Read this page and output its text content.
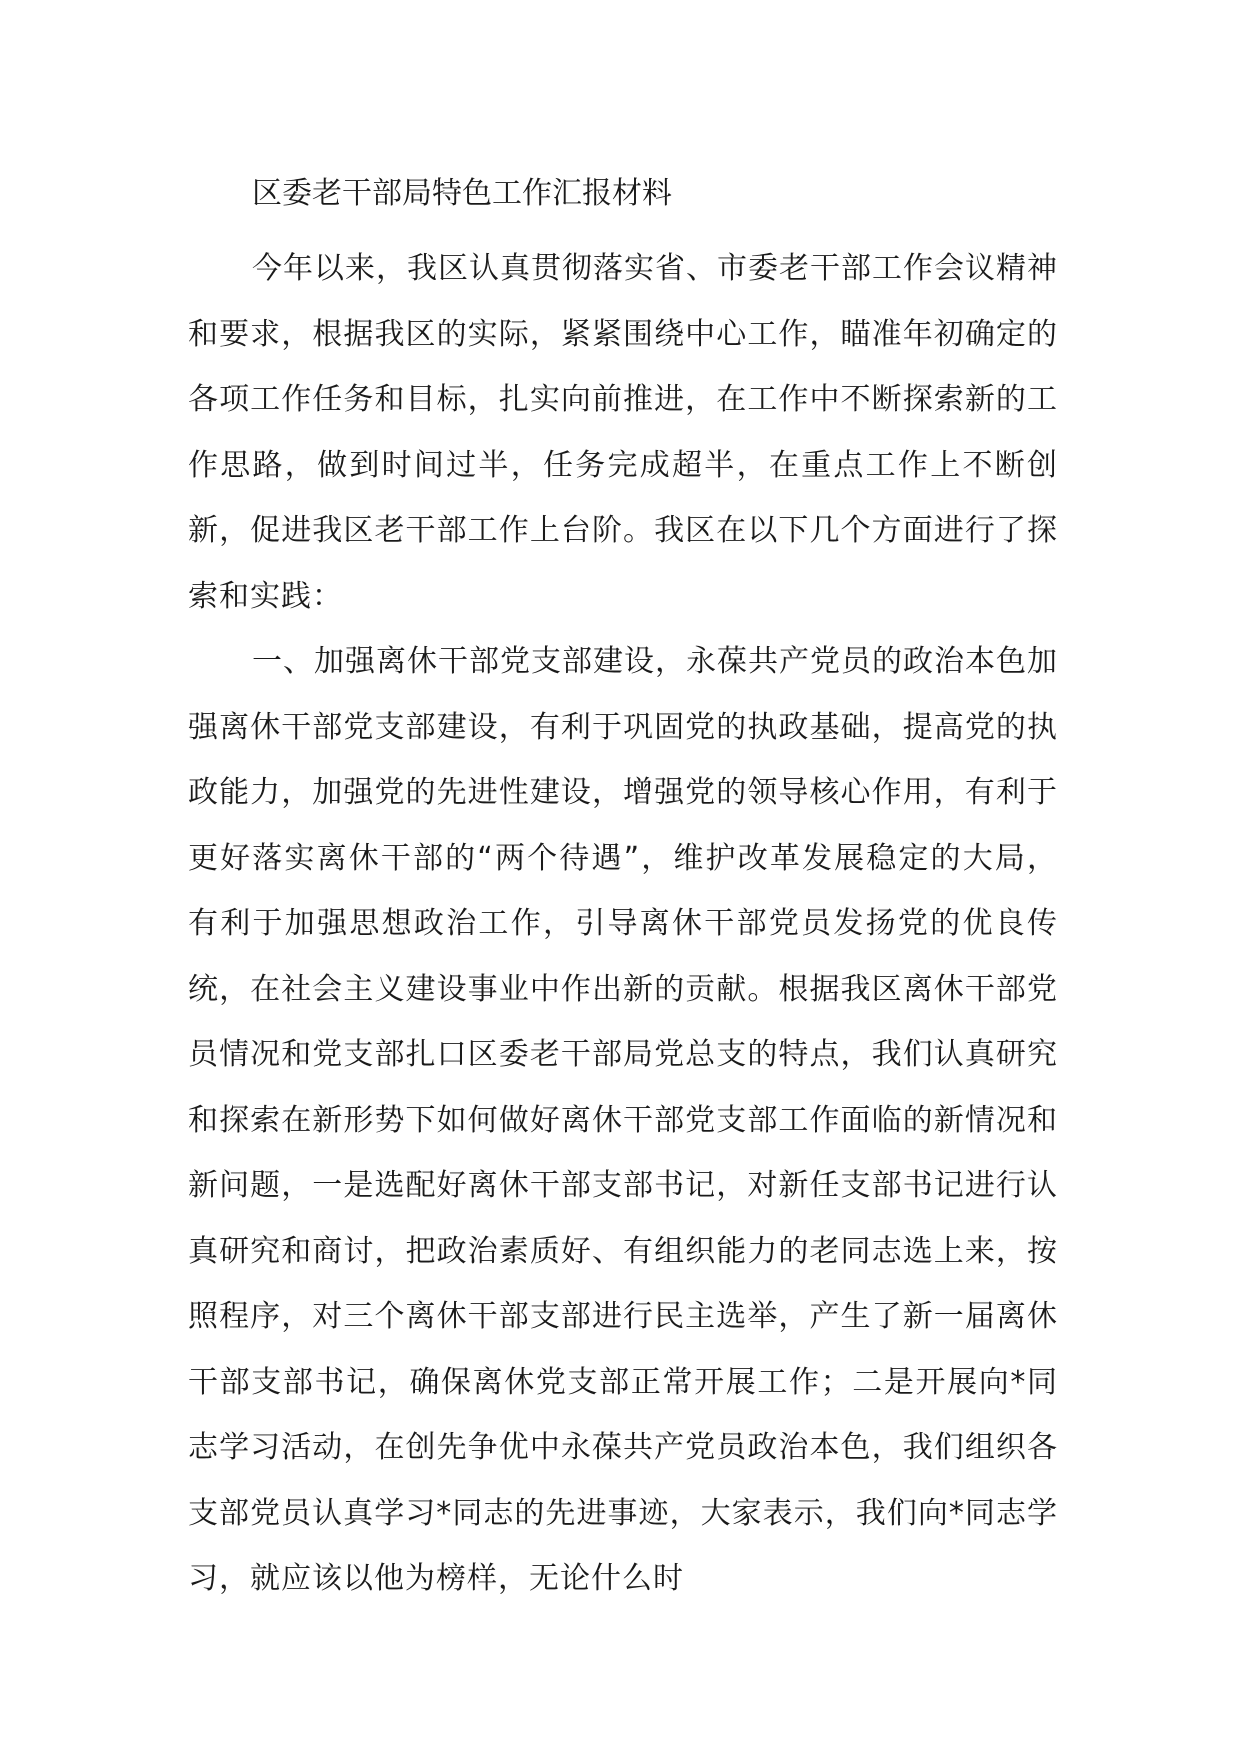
区委老干部局特色工作汇报材料

今年以来，我区认真贯彻落实省、市委老干部工作会议精神和要求，根据我区的实际，紧紧围绕中心工作，瞄准年初确定的各项工作任务和目标，扎实向前推进，在工作中不断探索新的工作思路，做到时间过半，任务完成超半，在重点工作上不断创新，促进我区老干部工作上台阶。我区在以下几个方面进行了探索和实践：

一、加强离休干部党支部建设，永葆共产党员的政治本色加强离休干部党支部建设，有利于巩固党的执政基础，提高党的执政能力，加强党的先进性建设，增强党的领导核心作用，有利于更好落实离休干部的“两个待遇”，维护改革发展稳定的大局，有利于加强思想政治工作，引导离休干部党员发扬党的优良传统，在社会主义建设事业中作出新的贡献。根据我区离休干部党员情况和党支部扎口区委老干部局党总支的特点，我们认真研究和探索在新形势下如何做好离休干部党支部工作面临的新情况和新问题，一是选配好离休干部支部书记，对新任支部书记进行认真研究和商讨，把政治素质好、有组织能力的老同志选上来，按照程序，对三个离休干部支部进行民主选举，产生了新一届离休干部支部书记，确保离休党支部正常开展工作；二是开展向*同志学习活动，在创先争优中永葆共产党员政治本色，我们组织各支部党员认真学习*同志的先进事迹，大家表示，我们向*同志学习，就应该以他为榜样，无论什么时
